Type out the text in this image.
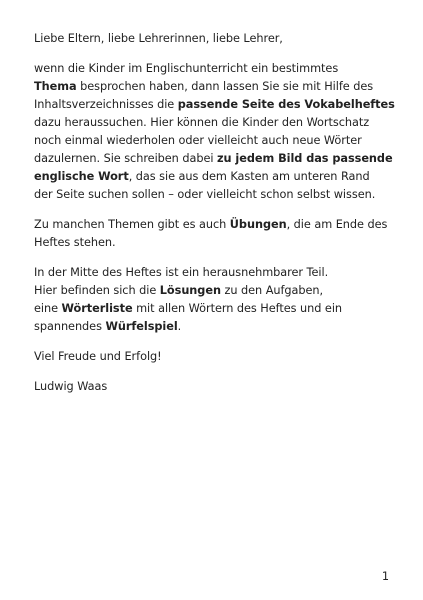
Liebe Eltern, liebe Lehrerinnen, liebe Lehrer,

wenn die Kinder im Englischunterricht ein bestimmtes
Thema besprochen haben, dann lassen Sie sie mit Hilfe des
Inhaltsverzeichnisses die passende Seite des Vokabelheftes
dazu heraussuchen. Hier können die Kinder den Wortschatz
noch einmal wiederholen oder vielleicht auch neue Wörter
dazulernen. Sie schreiben dabei zu jedem Bild das passende
englische Wort, das sie aus dem Kasten am unteren Rand
der Seite suchen sollen – oder vielleicht schon selbst wissen.

Zu manchen Themen gibt es auch Übungen, die am Ende des
Heftes stehen.

In der Mitte des Heftes ist ein herausnehmbarer Teil.
Hier befinden sich die Lösungen zu den Aufgaben,
eine Wörterliste mit allen Wörtern des Heftes und ein
spannendes Würfelspiel.

Viel Freude und Erfolg!

Ludwig Waas

1
